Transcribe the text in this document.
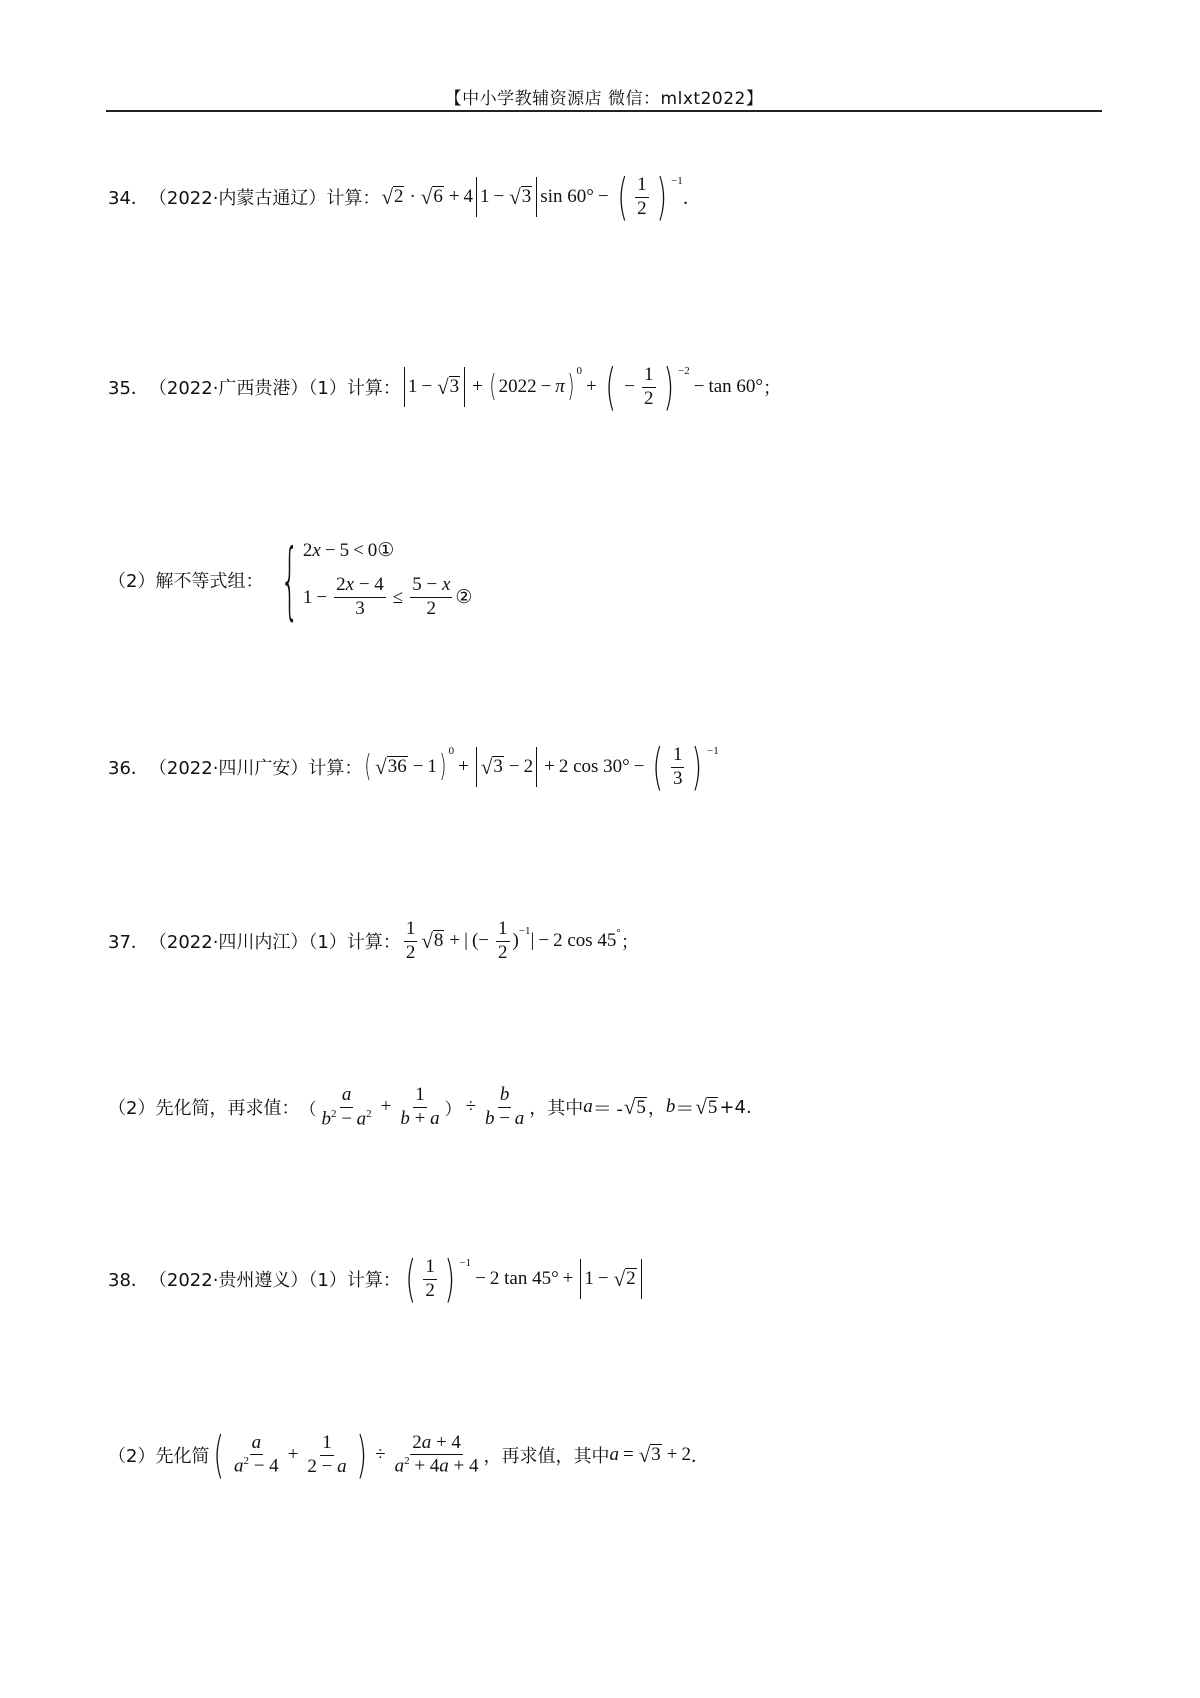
【中小学教辅资源店 微信：mlxt2022】
34． （2022·内蒙古通辽）计算： √ 2 · √ 6 + 4 1 − √ 3 sin 60° − ( 1
2 ) $^{-1}$
．
35． （2022·广西贵港）（1）计算： 1 − √ 3 + ( 2022 − π )$^0$
+ ( − $\frac{1}{2}$ ) $^{-2}$
− tan 60° ；
（2）解不等式组： { 2 x − 5 < 0①
$1 - \frac{2x - 4}{3} \le \frac{5 - x}{2}$ ②
36． （2022·四川广安）计算： ( √ 36 − 1 )$^0$
+ √ 3 − 2 + 2 cos 30° − ( 1
3 ) $^{-1}$
37． （2022·四川内江）（1）计算：
1
2 √ 8 + | (− $\frac{1}{2} )^{-1}$ | − 2 cos 45° ；
（2）先化简，再求值： （
a
$b^2 - a^2 + \frac{1}{b + a}$ ） ÷ $\frac{b}{b - a}$ ，其中 a ＝ - √ 5 ， b ＝ √ 5 +4.
38． （2022·贵州遵义）（1）计算： ( 1
2 ) $^{-1}$
− 2 tan 45° + 1 − √ 2
（2）先化简 ( a
$a^2 - 4$
+ $\frac{1}{2 - a}$ ) ÷ $\frac{2a + 4}{a^2 + 4a + 4}$ ，再求值，其中 a = √ 3 + 2 ．
